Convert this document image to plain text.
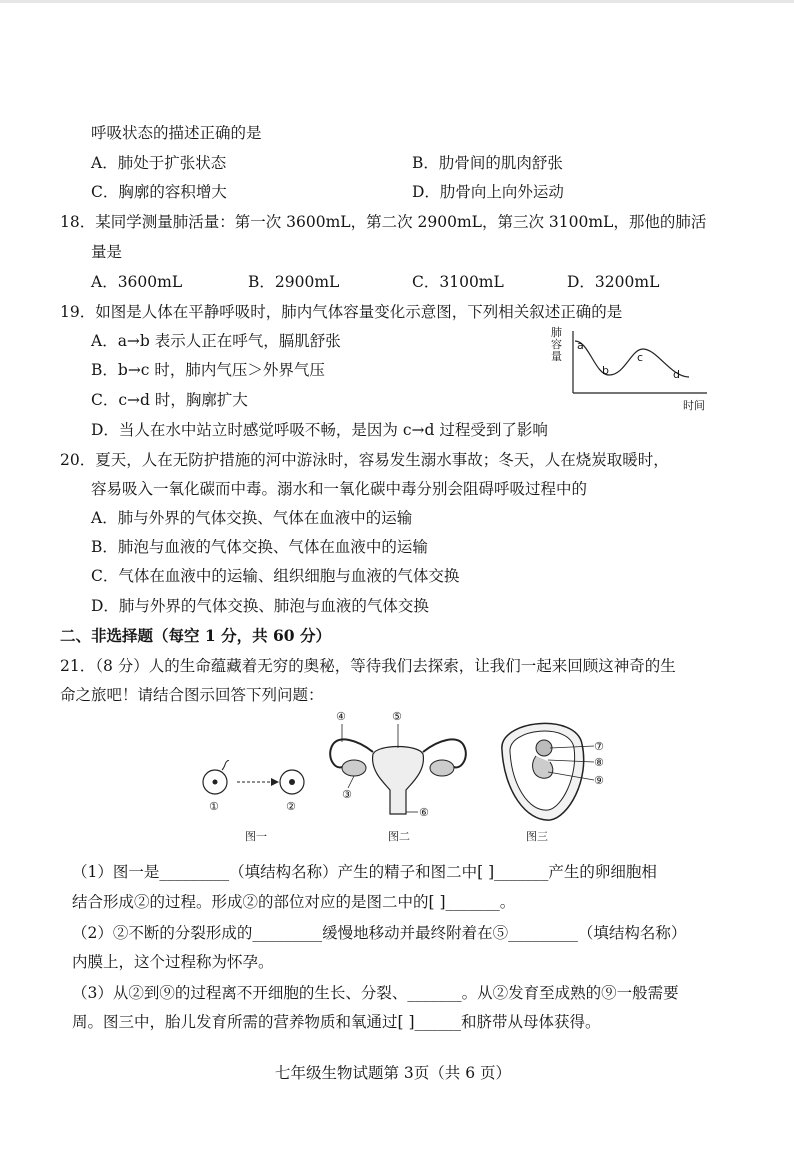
呼吸状态的描述正确的是
A．肺处于扩张状态	B．肋骨间的肌肉舒张
C．胸廓的容积增大	D．肋骨向上向外运动
18．某同学测量肺活量：第一次 3600mL，第二次 2900mL，第三次 3100mL，那他的肺活
量是
A．3600mL	B．2900mL	C．3100mL	D．3200mL
19．如图是人体在平静呼吸时，肺内气体容量变化示意图，下列相关叙述正确的是
A．a→b 表示人正在呼气，膈肌舒张
B．b→c 时，肺内气压＞外界气压
C．c→d 时，胸廓扩大
D．当人在水中站立时感觉呼吸不畅，是因为 c→d 过程受到了影响
肺
容
量
a
b
c
d
时间
20．夏天，人在无防护措施的河中游泳时，容易发生溺水事故；冬天，人在烧炭取暖时，
容易吸入一氧化碳而中毒。溺水和一氧化碳中毒分别会阻碍呼吸过程中的
A．肺与外界的气体交换、气体在血液中的运输
B．肺泡与血液的气体交换、气体在血液中的运输
C．气体在血液中的运输、组织细胞与血液的气体交换
D．肺与外界的气体交换、肺泡与血液的气体交换
二、非选择题（每空 1 分，共 60 分）
21．（8 分）人的生命蕴藏着无穷的奥秘，等待我们去探索，让我们一起来回顾这神奇的生
命之旅吧！请结合图示回答下列问题：
①	②
图一
④	⑤
③
⑥
图二
⑦
⑧
⑨
图三
（1）图一是_________（填结构名称）产生的精子和图二中[ ]_______产生的卵细胞相
结合形成②的过程。形成②的部位对应的是图二中的[ ]_______。
（2）②不断的分裂形成的_________缓慢地移动并最终附着在⑤_________（填结构名称）
内膜上，这个过程称为怀孕。
（3）从②到⑨的过程离不开细胞的生长、分裂、_______。从②发育至成熟的⑨一般需要
周。图三中，胎儿发育所需的营养物质和氧通过[ ]______和脐带从母体获得。
七年级生物试题第 3页（共 6 页）
